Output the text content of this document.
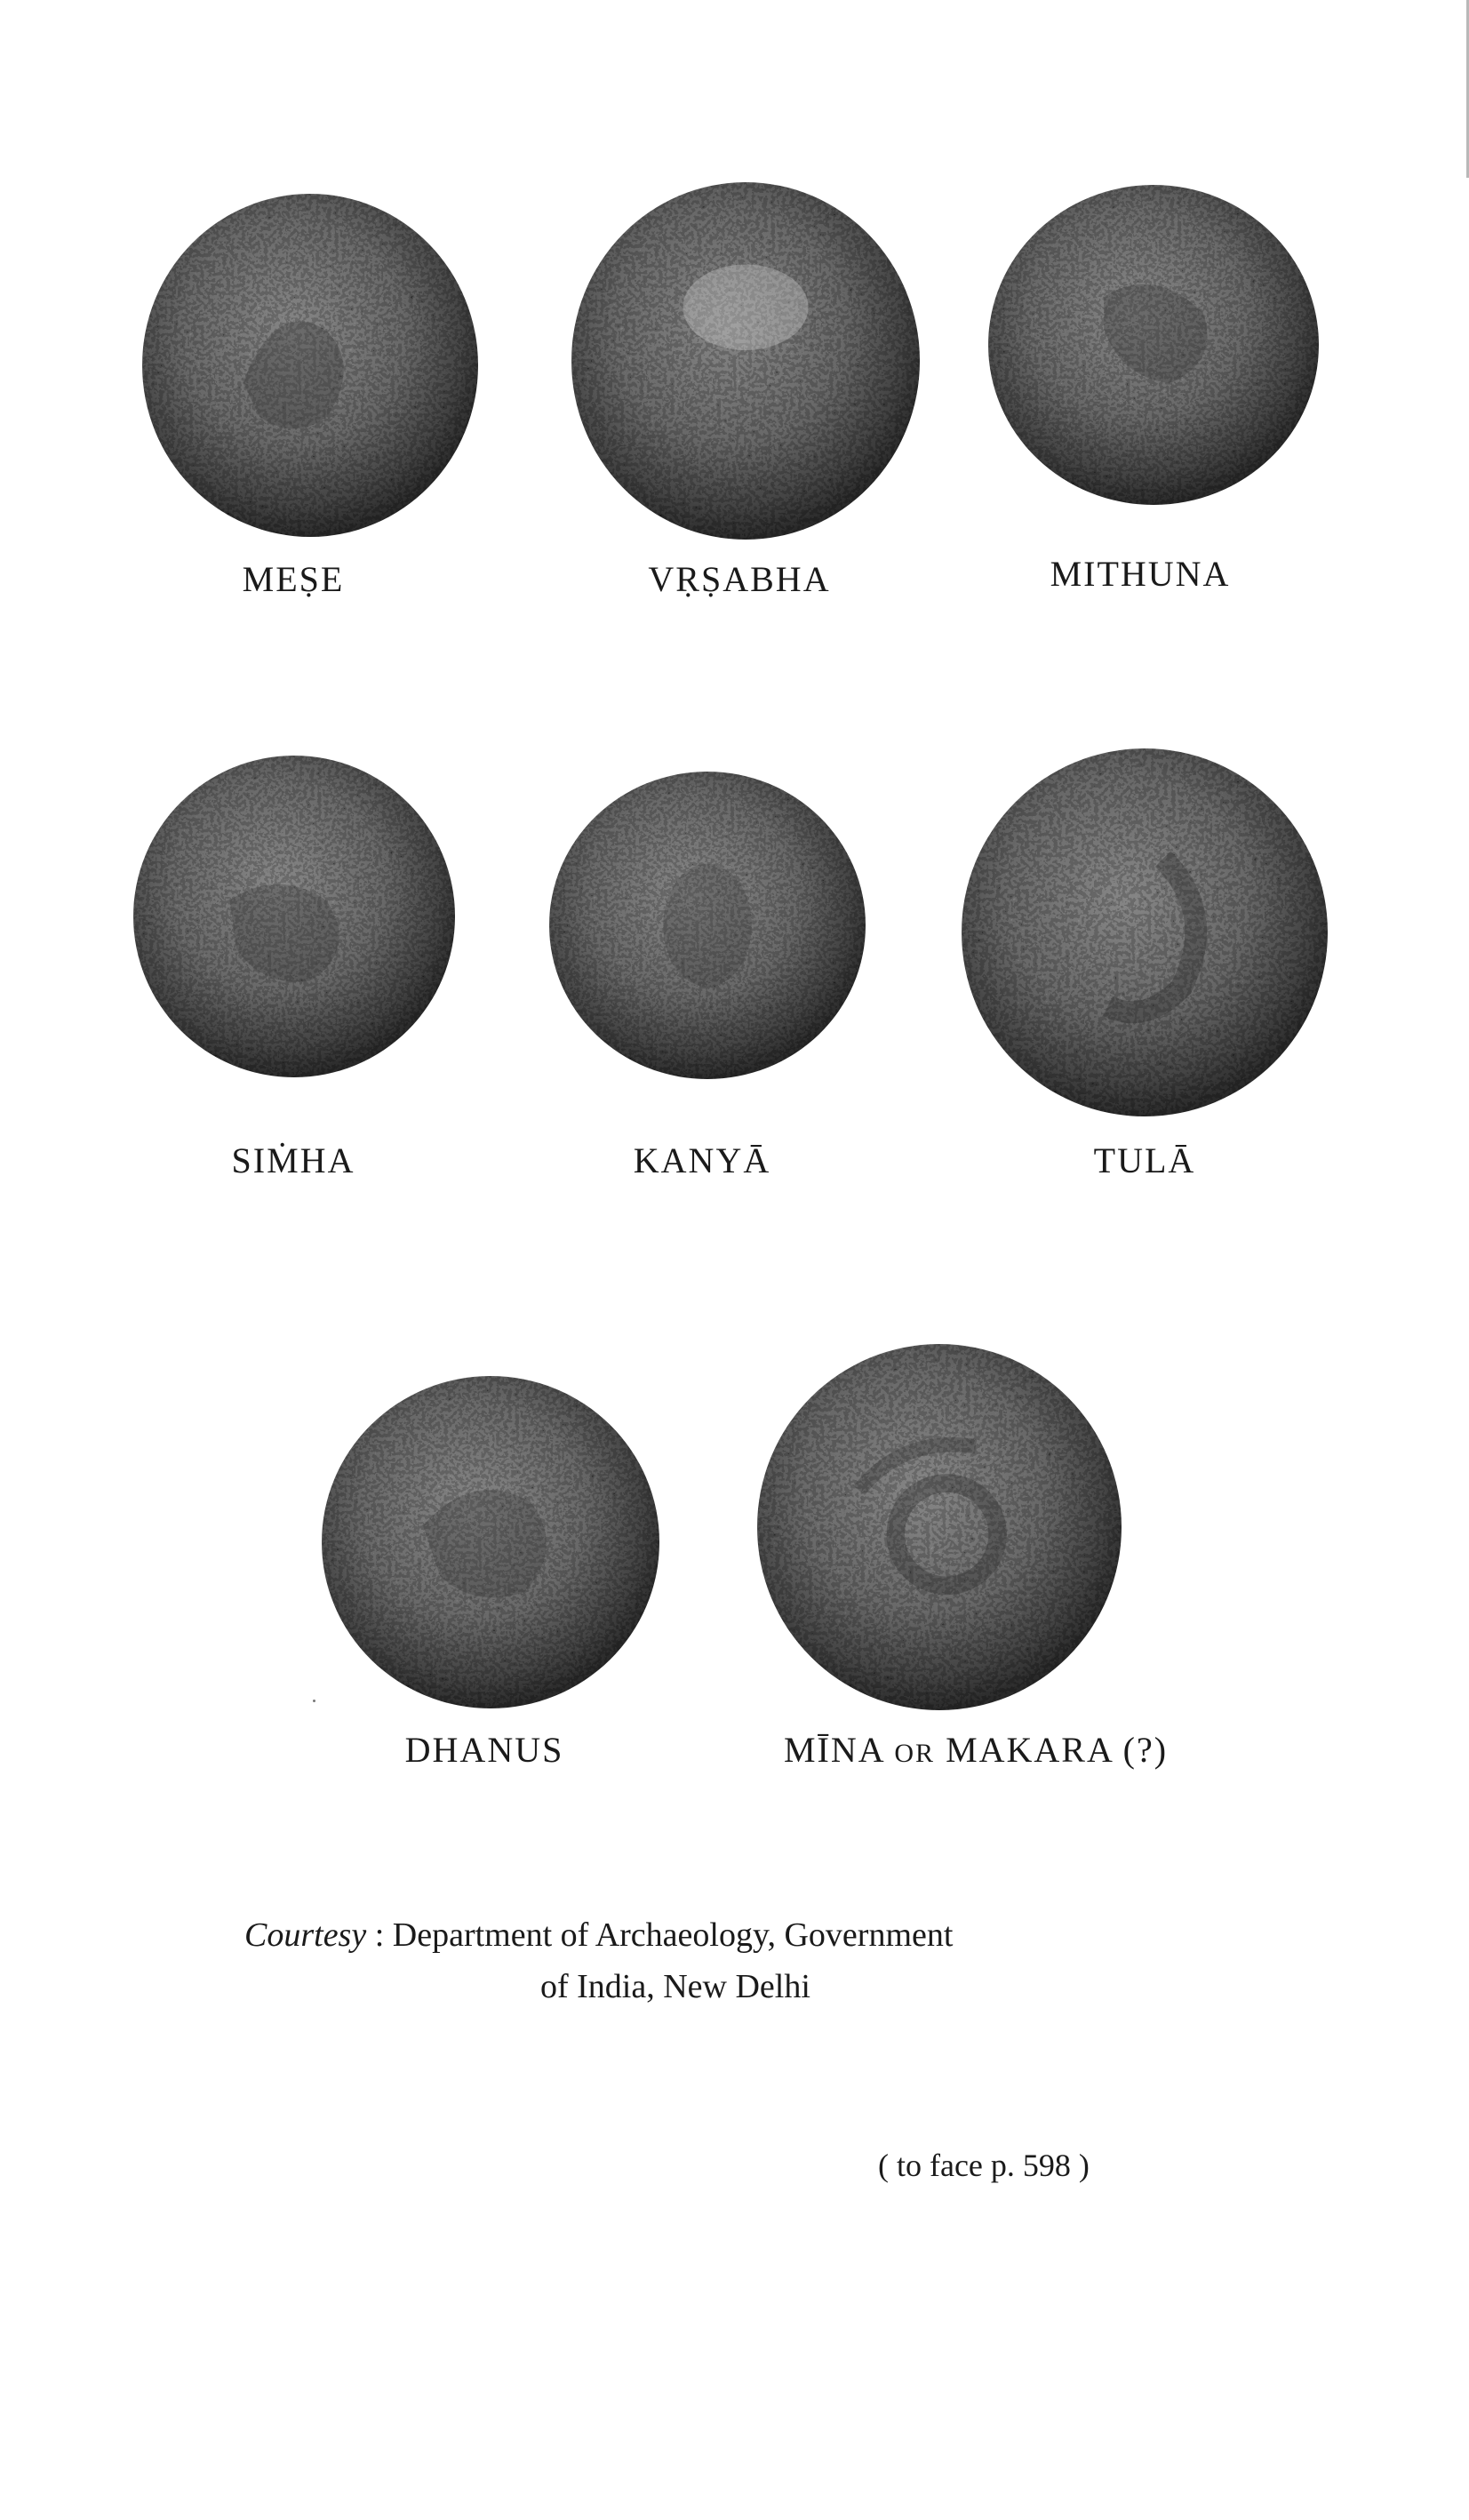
MEṢE	VṚṢABHA	MITHUNA
SIṀHA	KANYĀ	TULĀ
DHANUS	MĪNA OR MAKARA (?)
Courtesy : Department of Archaeology, Government
of India, New Delhi
( to face p. 598 )
